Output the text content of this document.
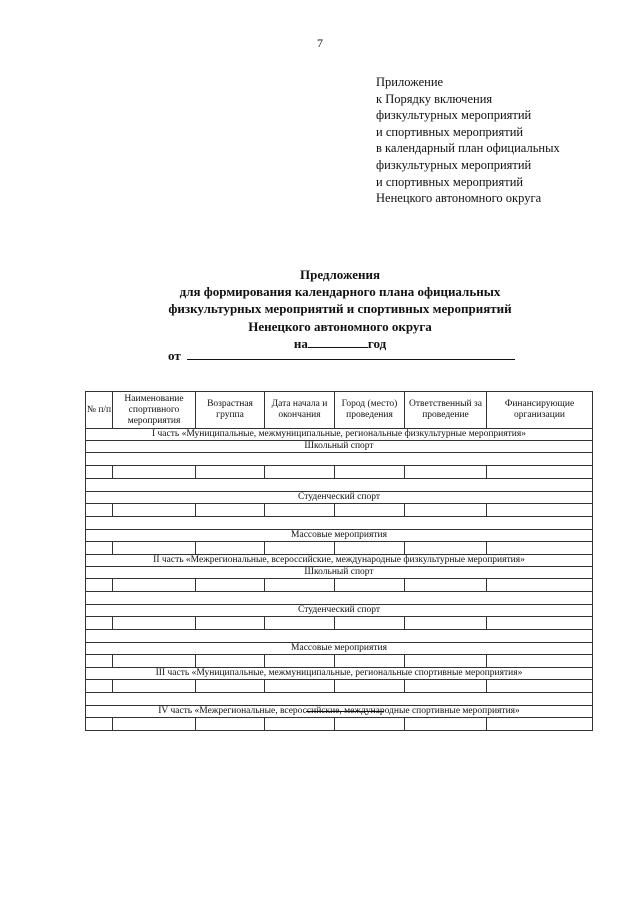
7
Приложение
к Порядку включения
физкультурных мероприятий
и спортивных мероприятий
в календарный план официальных
физкультурных мероприятий
и спортивных мероприятий
Ненецкого автономного округа
Предложения
для формирования календарного плана официальных
физкультурных мероприятий и спортивных мероприятий
Ненецкого автономного округа
на	год
от
№ п/п	Наименование спортивного мероприятия	Возрастная группа	Дата начала и окончания	Город (место) проведения	Ответственный за проведение	Финансирующие организации
I часть «Муниципальные, межмуниципальные, региональные физкультурные мероприятия»						
Школьный спорт						

Студенческий спорт						

Массовые мероприятия						

II часть «Межрегиональные, всероссийские, международные физкультурные мероприятия»						
Школьный спорт						

Студенческий спорт						

Массовые мероприятия						

III часть «Муниципальные, межмуниципальные, региональные спортивные мероприятия»						

IV часть «Межрегиональные, всероссийские, международные спортивные мероприятия»						
